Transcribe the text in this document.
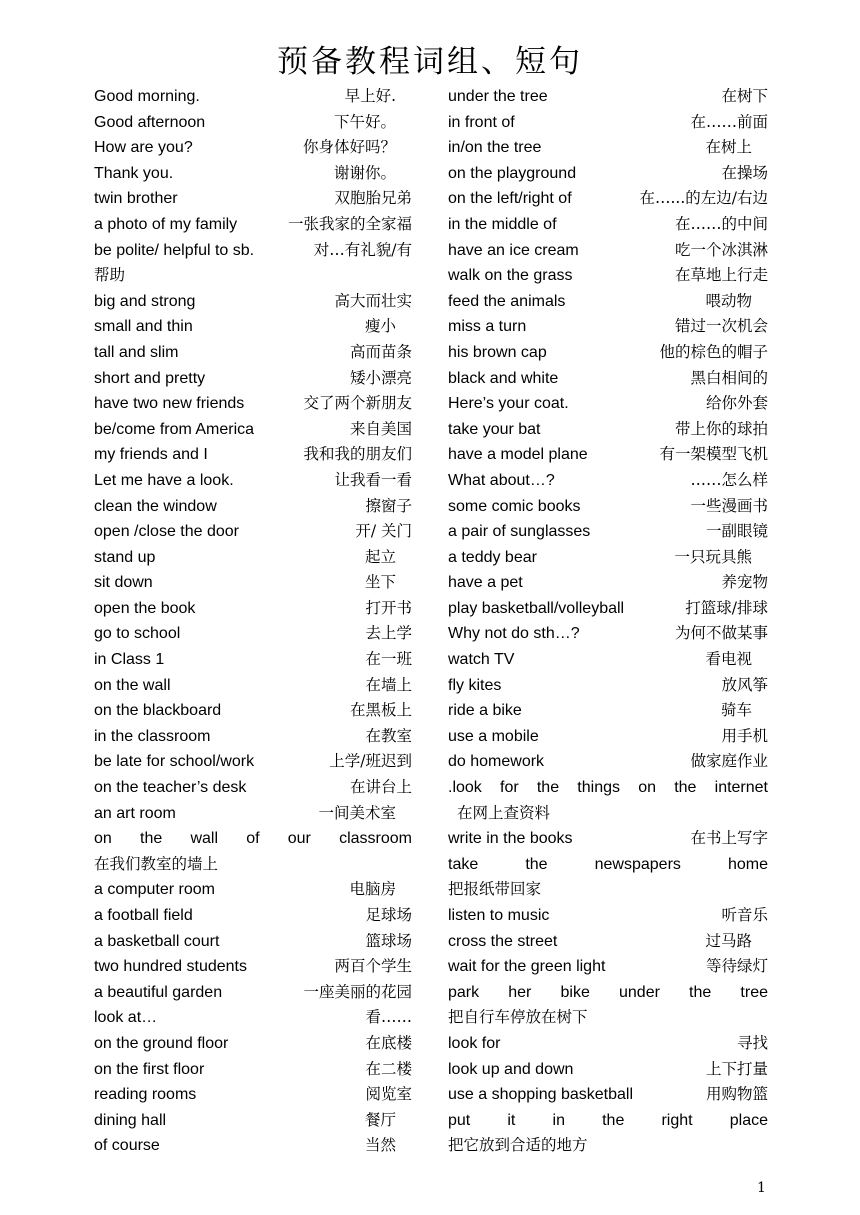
预备教程词组、短句
Good morning.	早上好.
Good afternoon	下午好。
How are you?	你身体好吗？
Thank you.	谢谢你。
twin brother	双胞胎兄弟
a photo of my family	一张我家的全家福
be polite/ helpful to sb.	对…有礼貌/有
帮助
big and strong	高大而壮实
small and thin	瘦小
tall and slim	高而苗条
short and pretty	矮小漂亮
have two new friends	交了两个新朋友
be/come from America	来自美国
my friends and I	我和我的朋友们
Let me have a look.	让我看一看
clean the window	擦窗子
open /close the door	开/ 关门
stand up	起立
sit down	坐下
open the book	打开书
go to school	去上学
in Class 1	在一班
on the wall	在墙上
on the blackboard	在黑板上
in the classroom	在教室
be late for school/work	上学/班迟到
on the teacher’s desk	在讲台上
an art room	一间美术室
on the wall of our classroom
在我们教室的墙上
a computer room	电脑房
a football field	足球场
a basketball court	篮球场
two hundred students	两百个学生
a beautiful garden	一座美丽的花园
look at…	看……
on the ground floor	在底楼
on the first floor	在二楼
reading rooms	阅览室
dining hall	餐厅
of course	当然
under the tree	在树下
in front of	在……前面
in/on the tree	在树上
on the playground	在操场
on the left/right of	在…...的左边/右边
in the middle of	在……的中间
have an ice cream	吃一个冰淇淋
walk on the grass	在草地上行走
feed the animals	喂动物
miss a turn	错过一次机会
his brown cap	他的棕色的帽子
black and white	黑白相间的
Here’s your coat.	给你外套
take your bat	带上你的球拍
have a model plane	有一架模型飞机
What about…?	……怎么样
some comic books	一些漫画书
a pair of sunglasses	一副眼镜
a teddy bear	一只玩具熊
have a pet	养宠物
play basketball/volleyball	打篮球/排球
Why not do sth…?	为何不做某事
watch TV	看电视
fly kites	放风筝
ride a bike	骑车
use a mobile	用手机
do homework	做家庭作业
.look for the things on the internet
在网上查资料
write in the books	在书上写字
take the newspapers home
把报纸带回家
listen to music	听音乐
cross the street	过马路
wait for the green light	等待绿灯
park her bike under the tree
把自行车停放在树下
look for	寻找
look up and down	上下打量
use a shopping basketball	用购物篮
put it in the right place
把它放到合适的地方
1
